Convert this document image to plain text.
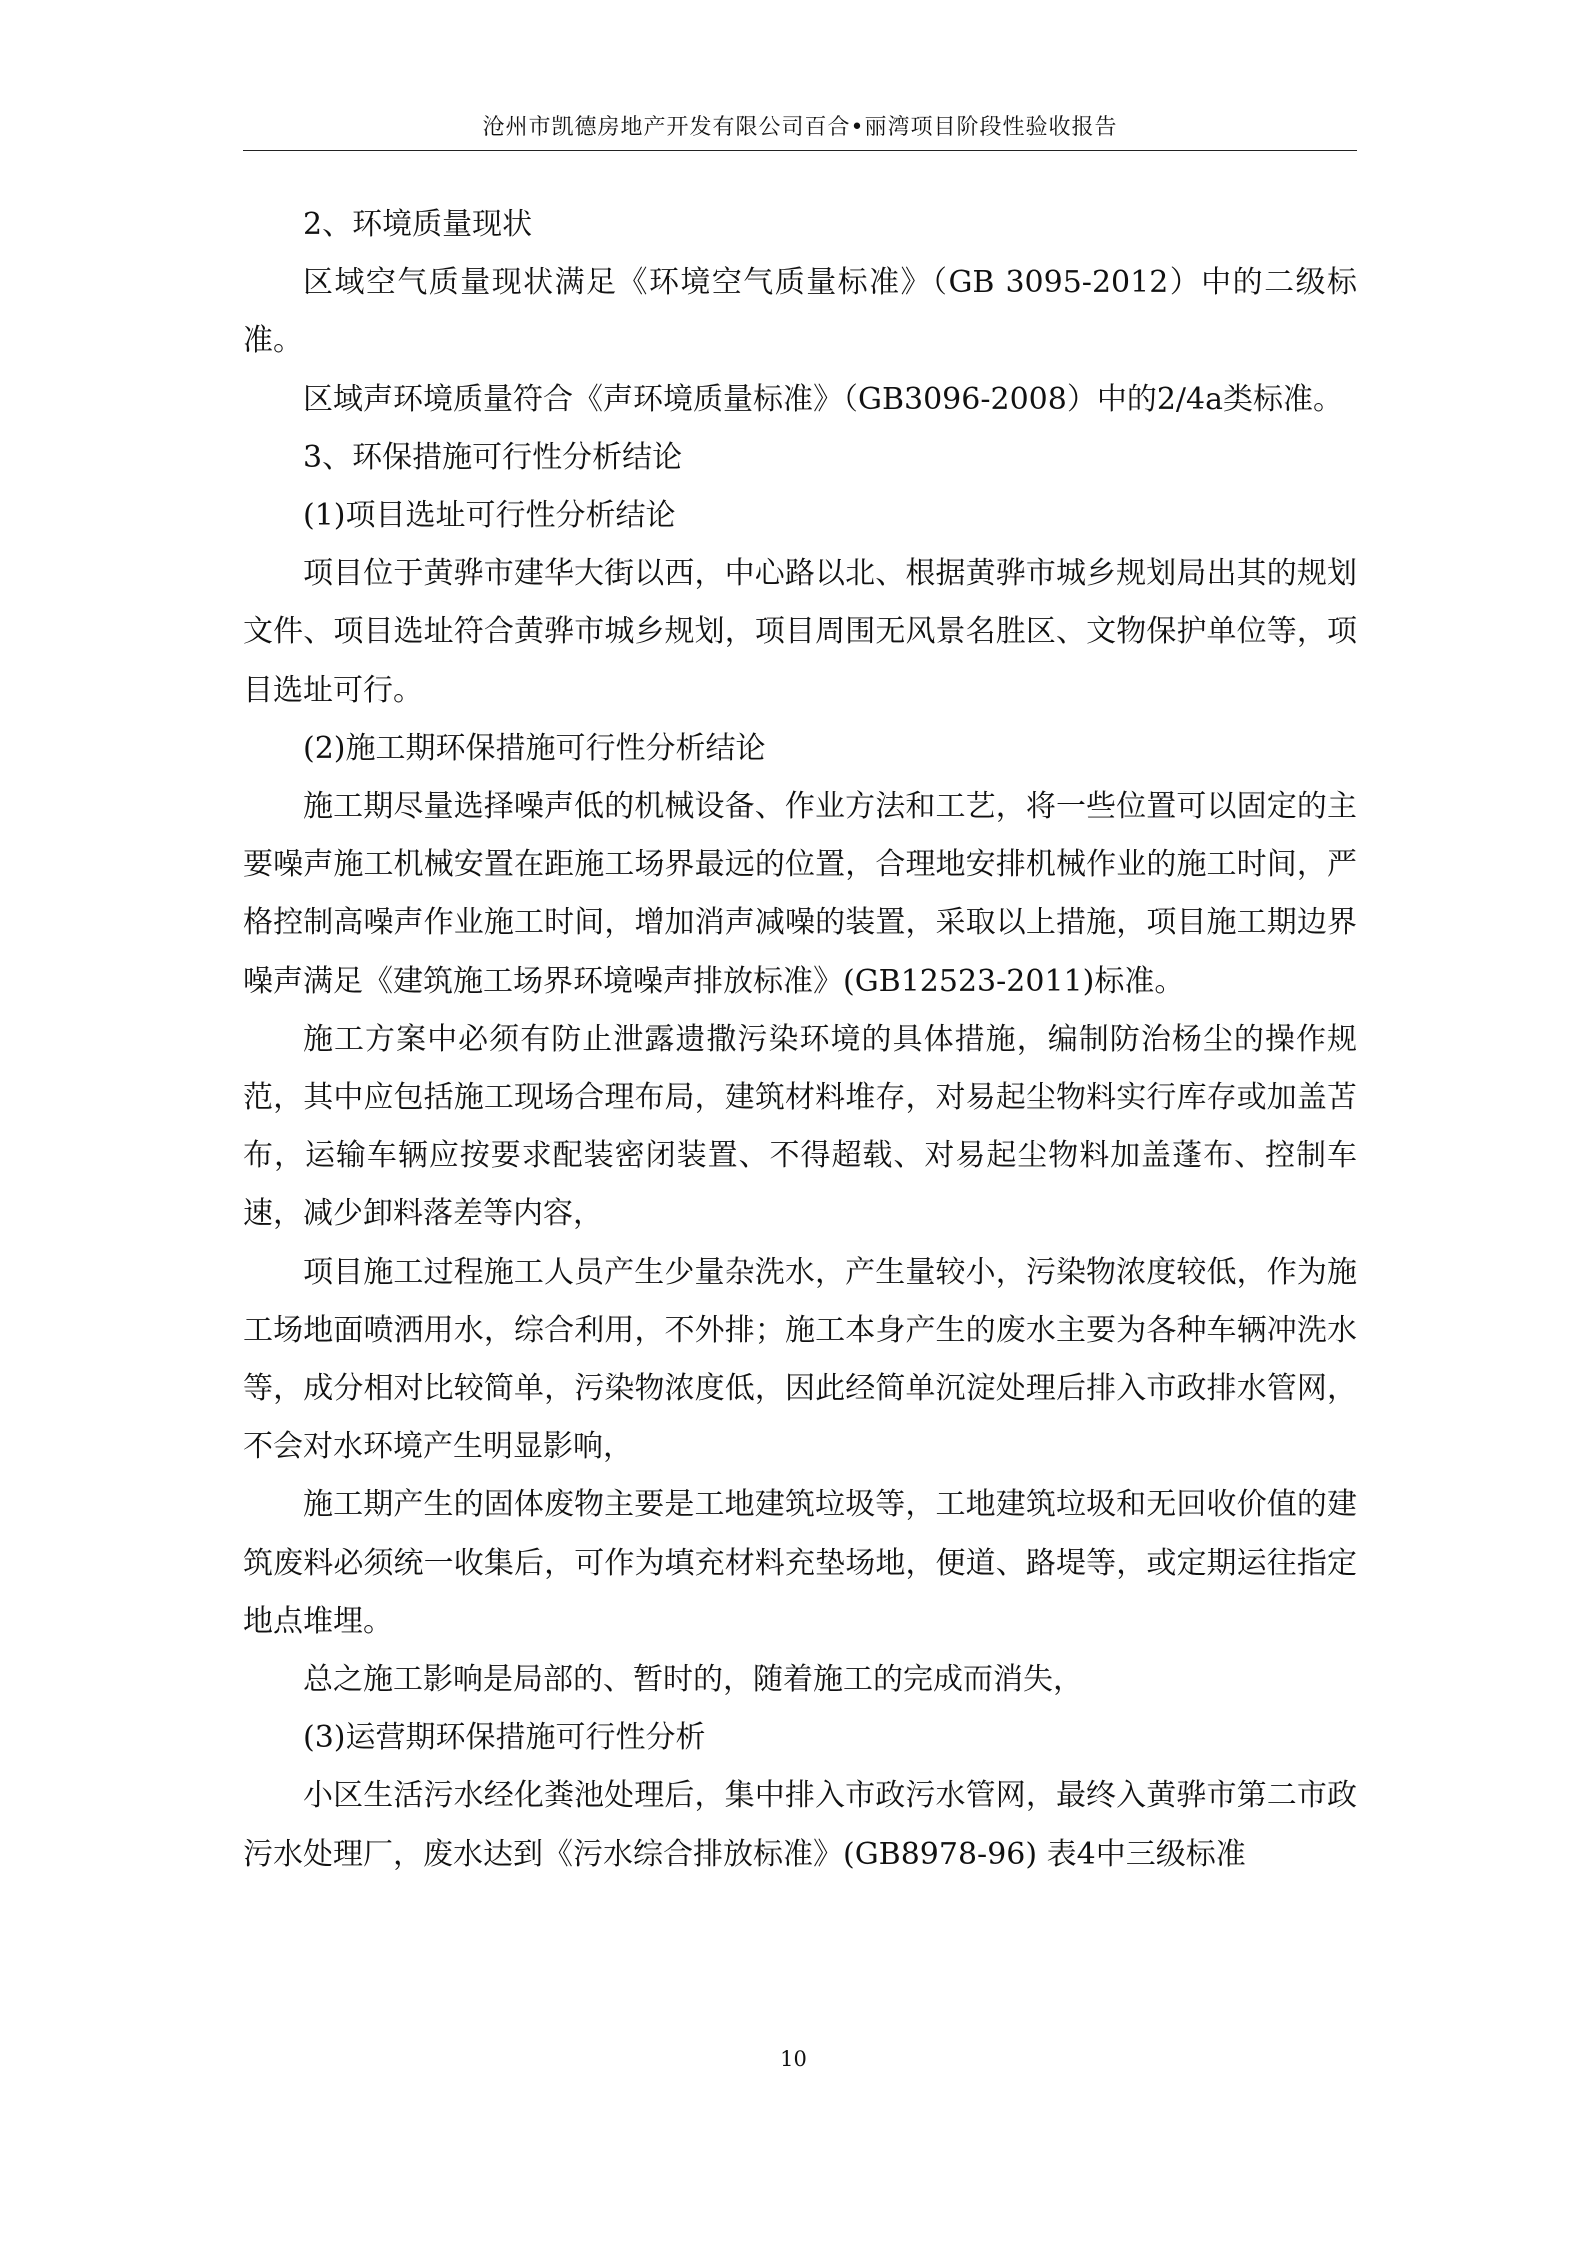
沧州市凯德房地产开发有限公司百合•丽湾项目阶段性验收报告

2、环境质量现状

区域空气质量现状满足《环境空气质量标准》（GB 3095-2012）中的二级标准。

区域声环境质量符合《声环境质量标准》（GB3096-2008）中的2/4a类标准。

3、环保措施可行性分析结论

(1)项目选址可行性分析结论

项目位于黄骅市建华大街以西，中心路以北、根据黄骅市城乡规划局出其的规划文件、项目选址符合黄骅市城乡规划，项目周围无风景名胜区、文物保护单位等，项目选址可行。

(2)施工期环保措施可行性分析结论

施工期尽量选择噪声低的机械设备、作业方法和工艺，将一些位置可以固定的主要噪声施工机械安置在距施工场界最远的位置，合理地安排机械作业的施工时间，严格控制高噪声作业施工时间，增加消声减噪的装置，采取以上措施，项目施工期边界噪声满足《建筑施工场界环境噪声排放标准》(GB12523-2011)标准。

施工方案中必须有防止泄露遗撒污染环境的具体措施，编制防治杨尘的操作规范，其中应包括施工现场合理布局，建筑材料堆存，对易起尘物料实行库存或加盖苫布，运输车辆应按要求配装密闭装置、不得超载、对易起尘物料加盖蓬布、控制车速，减少卸料落差等内容，

项目施工过程施工人员产生少量杂洗水，产生量较小，污染物浓度较低，作为施工场地面喷洒用水，综合利用，不外排；施工本身产生的废水主要为各种车辆冲洗水等，成分相对比较简单，污染物浓度低，因此经简单沉淀处理后排入市政排水管网，不会对水环境产生明显影响，

施工期产生的固体废物主要是工地建筑垃圾等，工地建筑垃圾和无回收价值的建筑废料必须统一收集后，可作为填充材料充垫场地，便道、路堤等，或定期运往指定地点堆埋。

总之施工影响是局部的、暂时的，随着施工的完成而消失，

(3)运营期环保措施可行性分析

小区生活污水经化粪池处理后，集中排入市政污水管网，最终入黄骅市第二市政污水处理厂，废水达到《污水综合排放标准》(GB8978-96) 表4中三级标准

10
